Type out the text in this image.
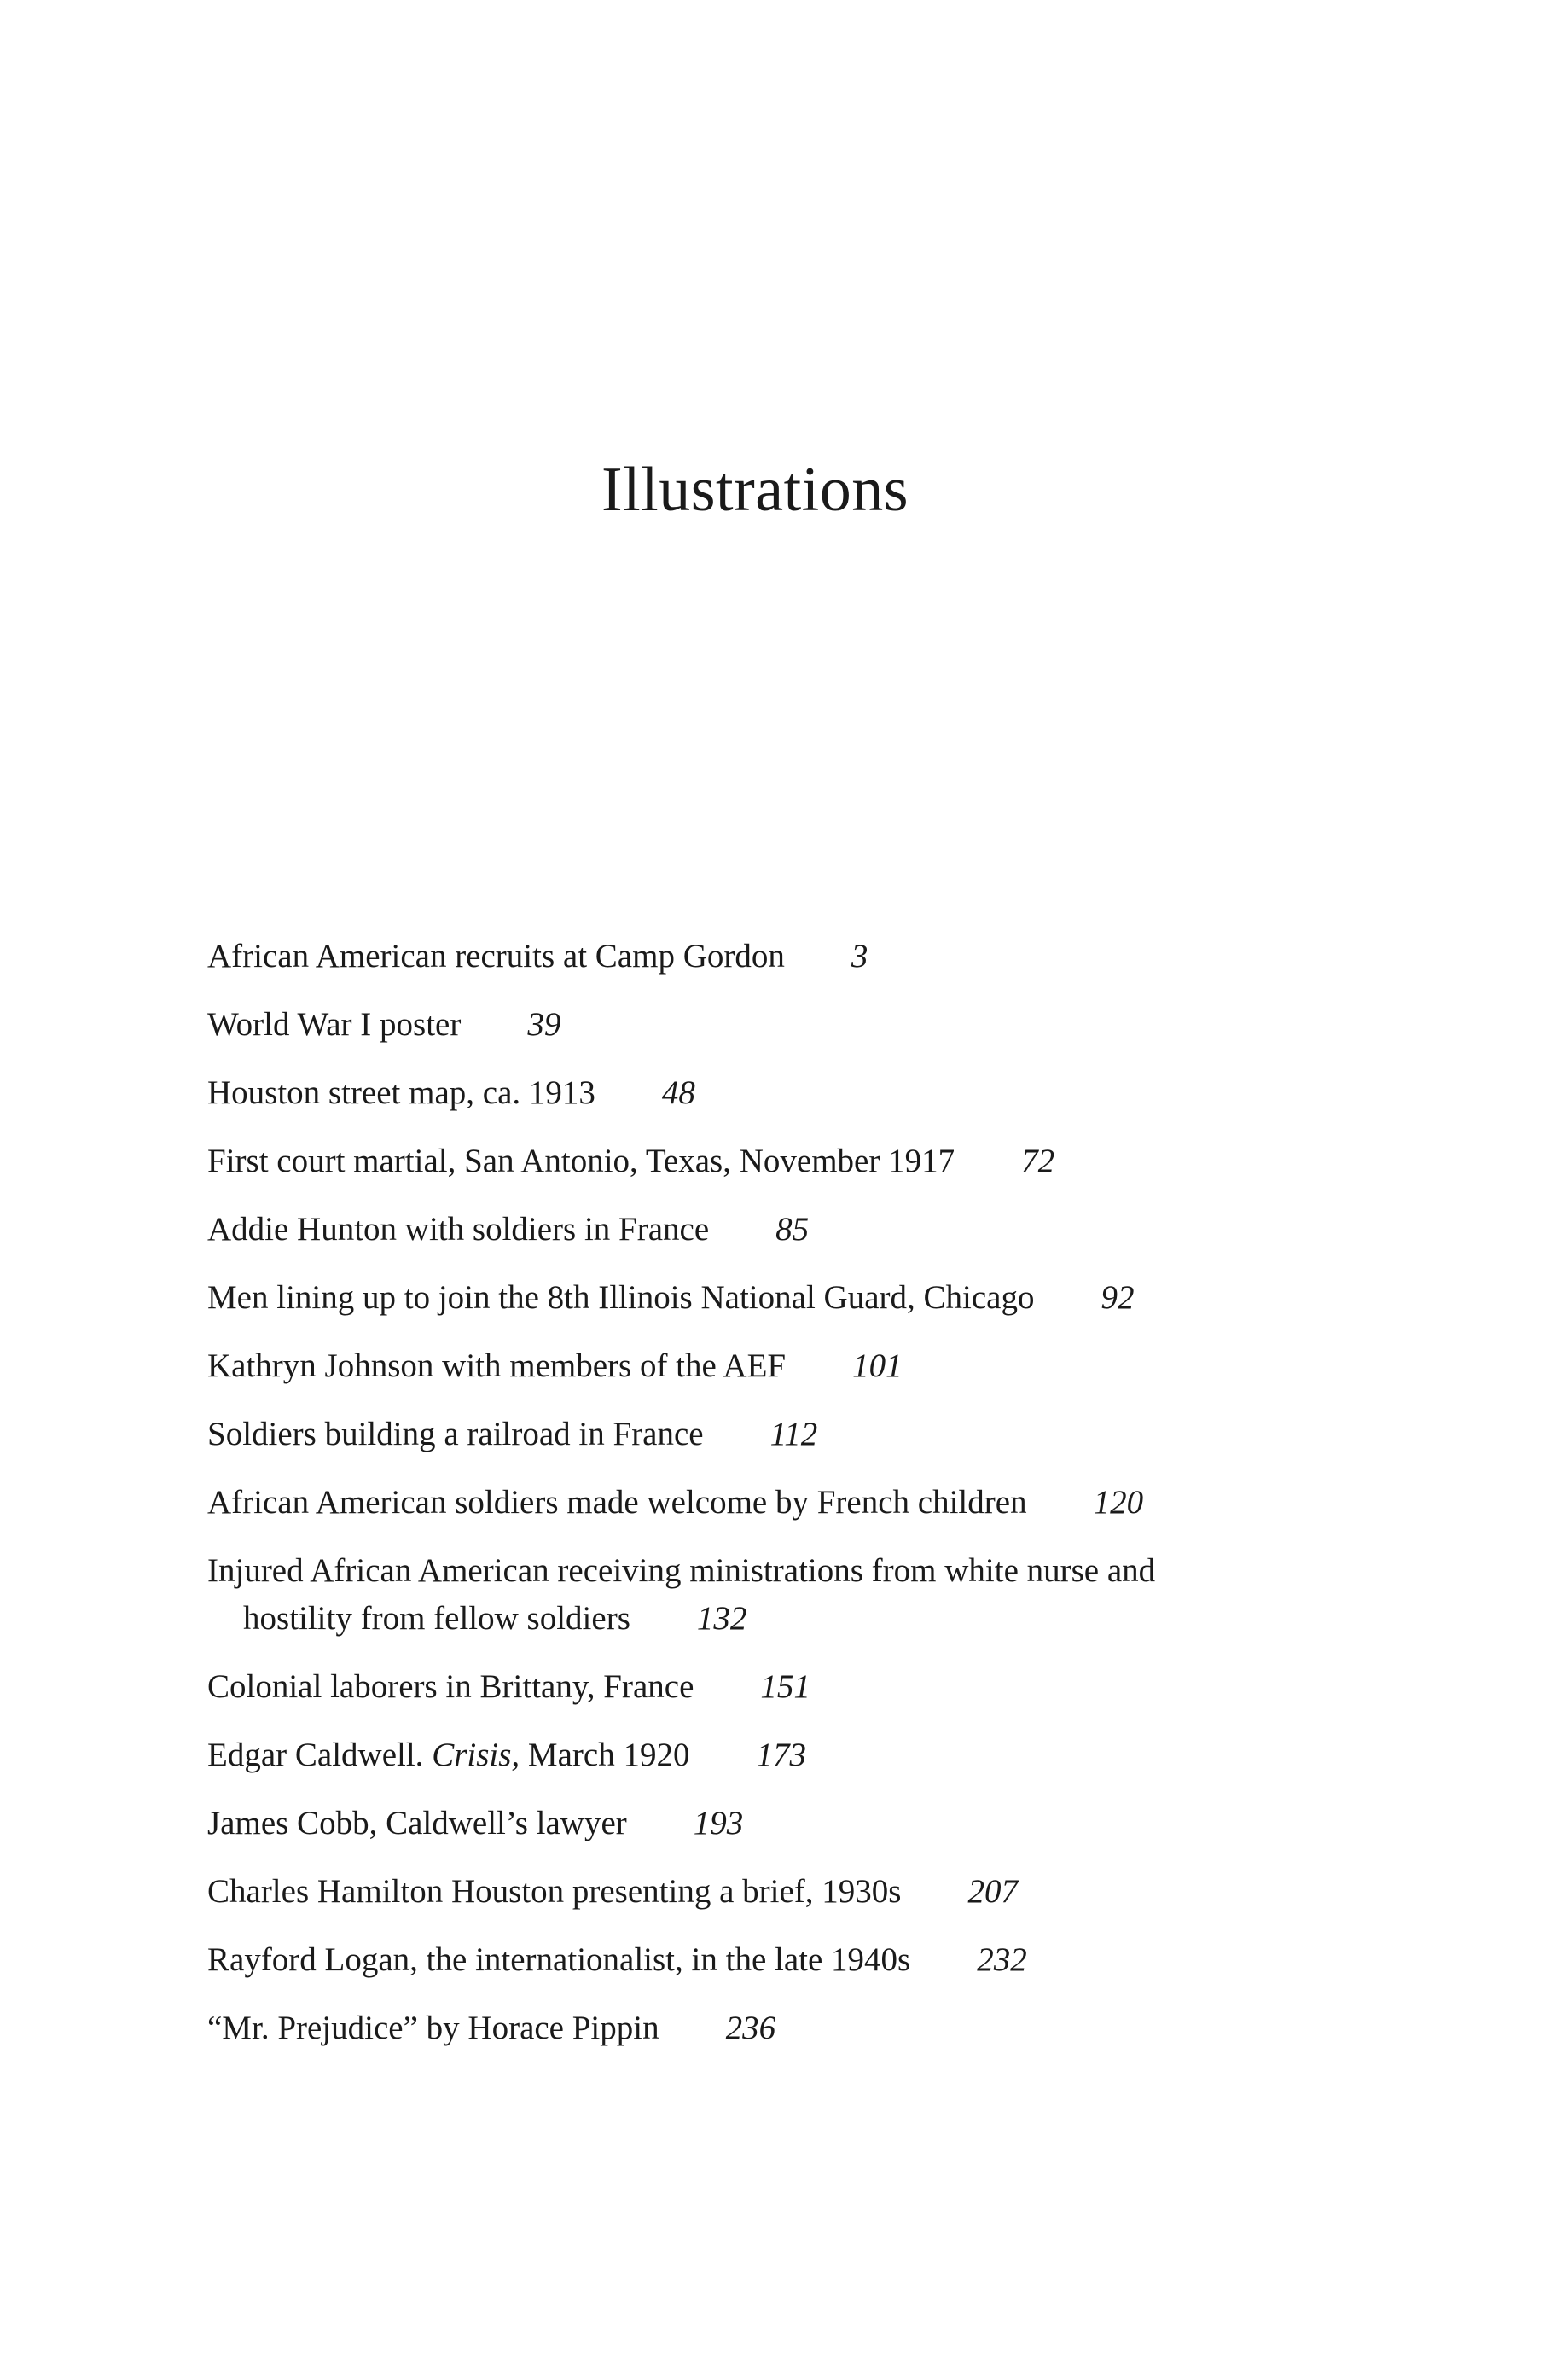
Illustrations
African American recruits at Camp Gordon 3
World War I poster 39
Houston street map, ca. 1913 48
First court martial, San Antonio, Texas, November 1917 72
Addie Hunton with soldiers in France 85
Men lining up to join the 8th Illinois National Guard, Chicago 92
Kathryn Johnson with members of the AEF 101
Soldiers building a railroad in France 112
African American soldiers made welcome by French children 120
Injured African American receiving ministrations from white nurse and hostility from fellow soldiers 132
Colonial laborers in Brittany, France 151
Edgar Caldwell. Crisis, March 1920 173
James Cobb, Caldwell’s lawyer 193
Charles Hamilton Houston presenting a brief, 1930s 207
Rayford Logan, the internationalist, in the late 1940s 232
“Mr. Prejudice” by Horace Pippin 236
